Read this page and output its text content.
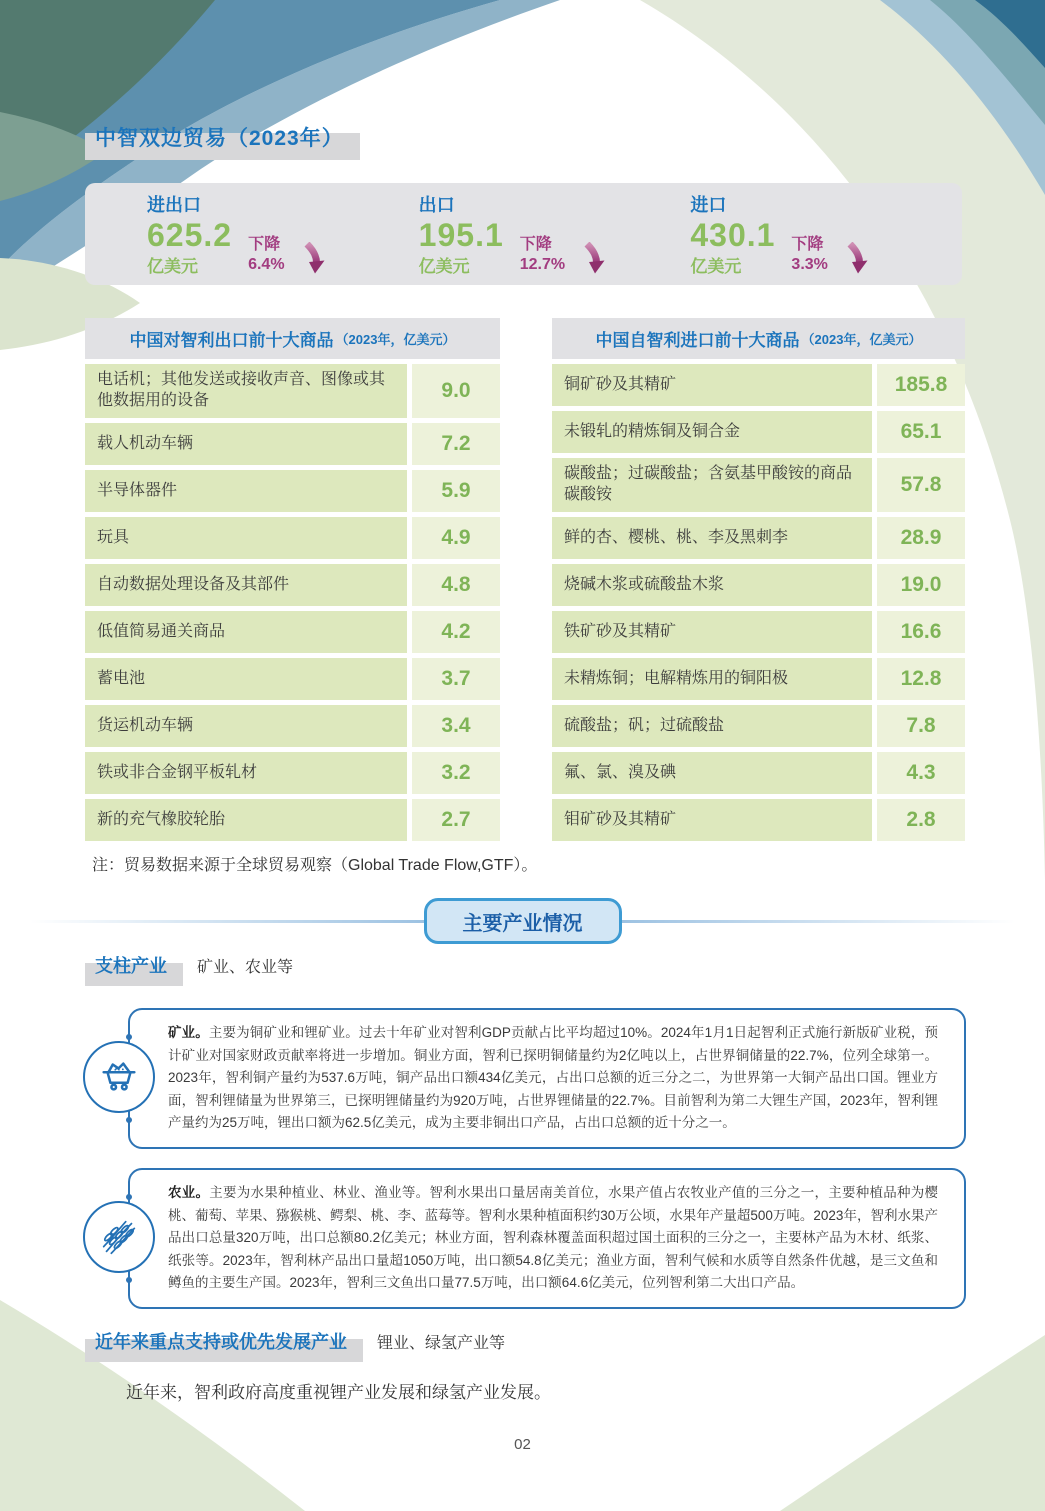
中智双边贸易（2023年）
进出口
625.2
亿美元
下降
6.4%
出口
195.1
亿美元
下降
12.7%
进口
430.1
亿美元
下降
3.3%
中国对智利出口前十大商品 （2023年，亿美元）
电话机；其他发送或接收声音、图像或其他数据用的设备	9.0
载人机动车辆	7.2
半导体器件	5.9
玩具	4.9
自动数据处理设备及其部件	4.8
低值简易通关商品	4.2
蓄电池	3.7
货运机动车辆	3.4
铁或非合金钢平板轧材	3.2
新的充气橡胶轮胎	2.7
中国自智利进口前十大商品 （2023年，亿美元）
铜矿砂及其精矿	185.8
未锻轧的精炼铜及铜合金	65.1
碳酸盐；过碳酸盐；含氨基甲酸铵的商品碳酸铵	57.8
鲜的杏、樱桃、桃、李及黑刺李	28.9
烧碱木浆或硫酸盐木浆	19.0
铁矿砂及其精矿	16.6
未精炼铜；电解精炼用的铜阳极	12.8
硫酸盐；矾；过硫酸盐	7.8
氟、氯、溴及碘	4.3
钼矿砂及其精矿	2.8
注：贸易数据来源于全球贸易观察（Global Trade Flow,GTF）。
主要产业情况
支柱产业 矿业、农业等
矿业。主要为铜矿业和锂矿业。过去十年矿业对智利GDP贡献占比平均超过10%。2024年1月1日起智利正式施行新版矿业税，预计矿业对国家财政贡献率将进一步增加。铜业方面，智利已探明铜储量约为2亿吨以上，占世界铜储量的22.7%，位列全球第一。2023年，智利铜产量约为537.6万吨，铜产品出口额434亿美元，占出口总额的近三分之二，为世界第一大铜产品出口国。锂业方面，智利锂储量为世界第三，已探明锂储量约为920万吨，占世界锂储量的22.7%。目前智利为第二大锂生产国，2023年，智利锂产量约为25万吨，锂出口额为62.5亿美元，成为主要非铜出口产品，占出口总额的近十分之一。
农业。主要为水果种植业、林业、渔业等。智利水果出口量居南美首位，水果产值占农牧业产值的三分之一，主要种植品种为樱桃、葡萄、苹果、猕猴桃、鳄梨、桃、李、蓝莓等。智利水果种植面积约30万公顷，水果年产量超500万吨。2023年，智利水果产品出口总量320万吨，出口总额80.2亿美元；林业方面，智利森林覆盖面积超过国土面积的三分之一，主要林产品为木材、纸浆、纸张等。2023年，智利林产品出口量超1050万吨，出口额54.8亿美元；渔业方面，智利气候和水质等自然条件优越，是三文鱼和鳟鱼的主要生产国。2023年，智利三文鱼出口量77.5万吨，出口额64.6亿美元，位列智利第二大出口产品。
近年来重点支持或优先发展产业 锂业、绿氢产业等
近年来，智利政府高度重视锂产业发展和绿氢产业发展。
02
